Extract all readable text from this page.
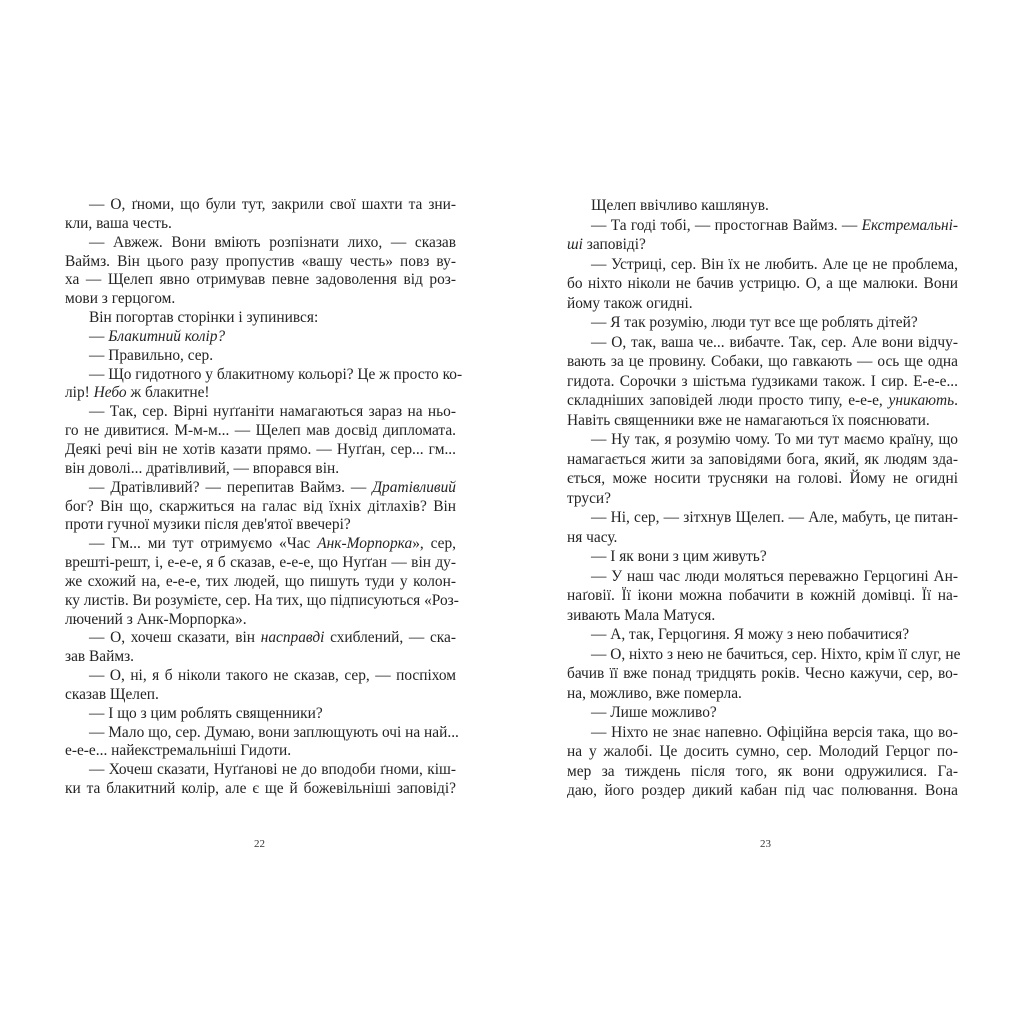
— О, ґноми, що були тут, закрили свої шахти та зни-
кли, ваша честь.
— Авжеж. Вони вміють розпізнати лихо, — сказав
Ваймз. Він цього разу пропустив «вашу честь» повз ву-
ха — Щелеп явно отримував певне задоволення від роз-
мови з герцогом.
Він погортав сторінки і зупинився:
— Блакитний колір?
— Правильно, сер.
— Що гидотного у блакитному кольорі? Це ж просто ко-
лір! Небо ж блакитне!
— Так, сер. Вірні нуґґаніти намагаються зараз на ньо-
го не дивитися. М-м-м... — Щелеп мав досвід дипломата.
Деякі речі він не хотів казати прямо. — Нуґґан, сер... гм...
він доволі... дратівливий, — впорався він.
— Дратівливий? — перепитав Ваймз. — Дратівливий
бог? Він що, скаржиться на галас від їхніх дітлахів? Він
проти гучної музики після дев'ятої ввечері?
— Гм... ми тут отримуємо «Час Анк-Морпорка», сер,
врешті-решт, і, е-е-е, я б сказав, е-е-е, що Нуґґан — він ду-
же схожий на, е-е-е, тих людей, що пишуть туди у колон-
ку листів. Ви розумієте, сер. На тих, що підписуються «Роз-
лючений з Анк-Морпорка».
— О, хочеш сказати, він насправді схиблений, — ска-
зав Ваймз.
— О, ні, я б ніколи такого не сказав, сер, — поспіхом
сказав Щелеп.
— І що з цим роблять священники?
— Мало що, сер. Думаю, вони заплющують очі на най...
е-е-е... найекстремальніші Гидоти.
— Хочеш сказати, Нуґґанові не до вподоби ґноми, кіш-
ки та блакитний колір, але є ще й божевільніші заповіді?
Щелеп ввічливо кашлянув.
— Та годі тобі, — простогнав Ваймз. — Екстремальні-
ші заповіді?
— Устриці, сер. Він їх не любить. Але це не проблема,
бо ніхто ніколи не бачив устрицю. О, а ще малюки. Вони
йому також огидні.
— Я так розумію, люди тут все ще роблять дітей?
— О, так, ваша че... вибачте. Так, сер. Але вони відчу-
вають за це провину. Собаки, що гавкають — ось ще одна
гидота. Сорочки з шістьма ґудзиками також. І сир. Е-е-е...
складніших заповідей люди просто типу, е-е-е, уникають.
Навіть священники вже не намагаються їх пояснювати.
— Ну так, я розумію чому. То ми тут маємо країну, що
намагається жити за заповідями бога, який, як людям зда-
ється, може носити трусняки на голові. Йому не огидні
труси?
— Ні, сер, — зітхнув Щелеп. — Але, мабуть, це питан-
ня часу.
— І як вони з цим живуть?
— У наш час люди моляться переважно Герцогині Ан-
наґовії. Її ікони можна побачити в кожній домівці. Її на-
зивають Мала Матуся.
— А, так, Герцогиня. Я можу з нею побачитися?
— О, ніхто з нею не бачиться, сер. Ніхто, крім її слуг, не
бачив її вже понад тридцять років. Чесно кажучи, сер, во-
на, можливо, вже померла.
— Лише можливо?
— Ніхто не знає напевно. Офіційна версія така, що во-
на у жалобі. Це досить сумно, сер. Молодий Герцог по-
мер за тиждень після того, як вони одружилися. Га-
даю, його роздер дикий кабан під час полювання. Вона
22	23
